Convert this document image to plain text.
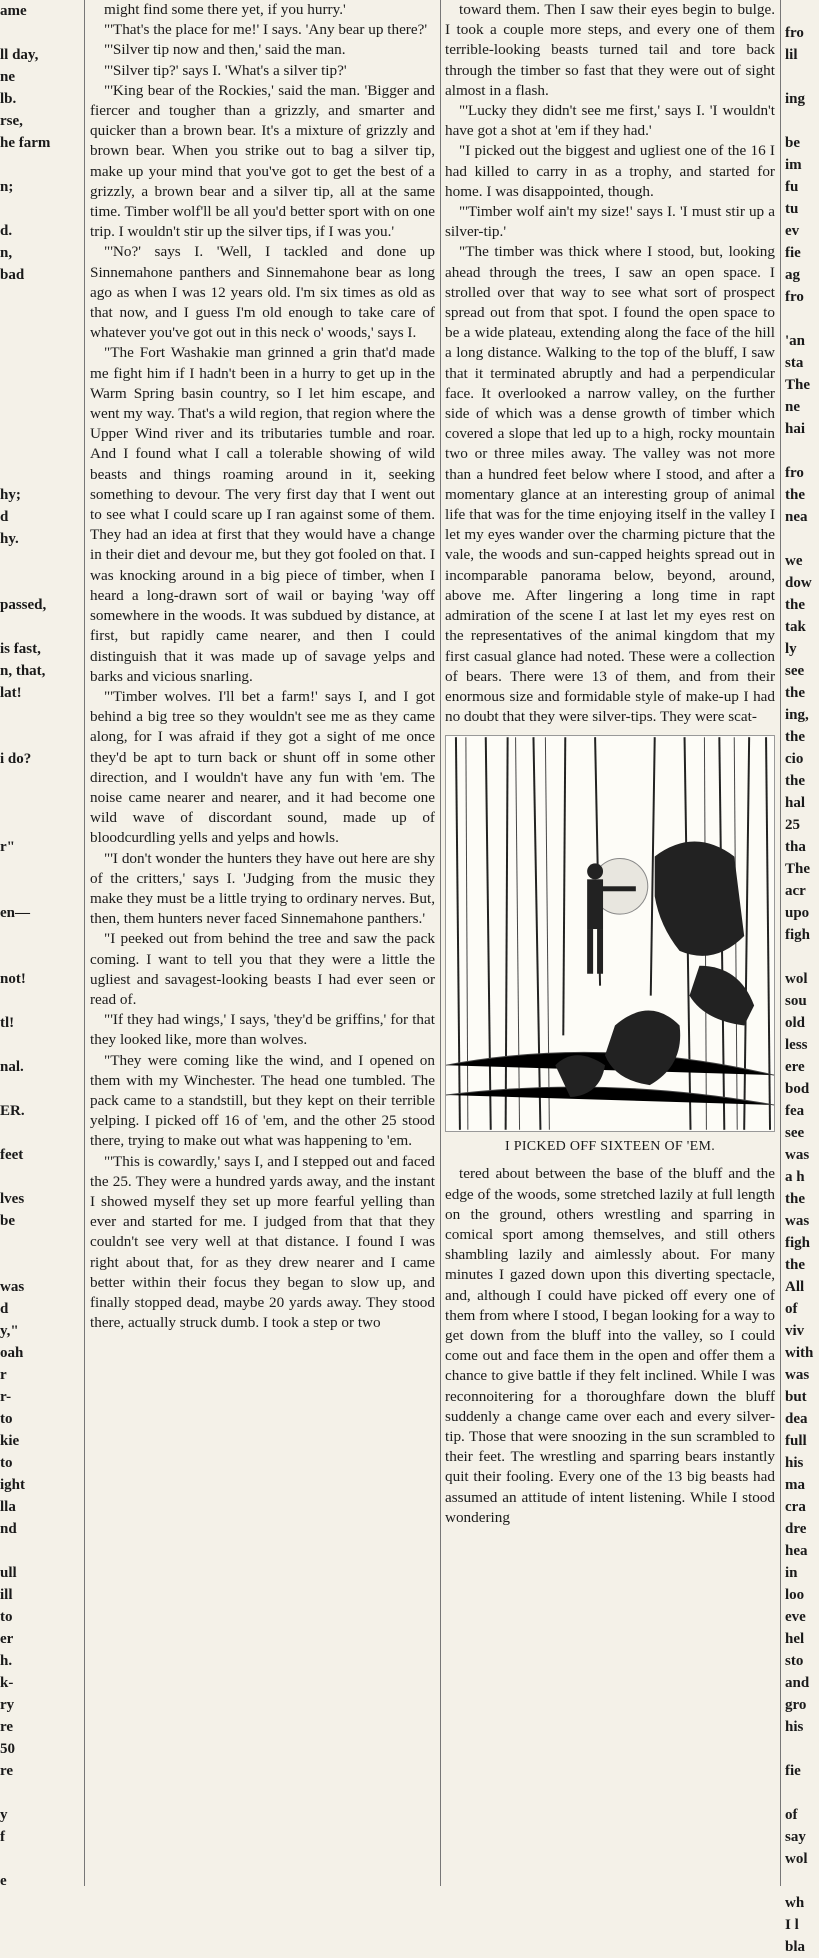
ame

ll day,
ne
lb.
rse,
he farm

n;

d.
n,
bad

hy;
d
hy.

passed,

is fast,
n, that,
lat!

i do?

r"

en—

not!

tl!

nal.

ER.

feet

lves
be

was
d
y,"
oah
r
r-
to
kie
to
ight
lla
nd

ull
ill
to
er
h.
k-
ry
re
50
re

y
f

e

might find some there yet, if you hurry.'

"'That's the place for me!' I says. 'Any bear up there?'

"'Silver tip now and then,' said the man.

"'Silver tip?' says I. 'What's a silver tip?'

"'King bear of the Rockies,' said the man. 'Bigger and fiercer and tougher than a grizzly, and smarter and quicker than a brown bear. It's a mixture of grizzly and brown bear. When you strike out to bag a silver tip, make up your mind that you've got to get the best of a grizzly, a brown bear and a silver tip, all at the same time. Timber wolf'll be all you'd better sport with on one trip. I wouldn't stir up the silver tips, if I was you.'

"'No?' says I. 'Well, I tackled and done up Sinnemahone panthers and Sinnemahone bear as long ago as when I was 12 years old. I'm six times as old as that now, and I guess I'm old enough to take care of whatever you've got out in this neck o' woods,' says I.

"The Fort Washakie man grinned a grin that'd made me fight him if I hadn't been in a hurry to get up in the Warm Spring basin country, so I let him escape, and went my way. That's a wild region, that region where the Upper Wind river and its tributaries tumble and roar. And I found what I call a tolerable showing of wild beasts and things roaming around in it, seeking something to devour. The very first day that I went out to see what I could scare up I ran against some of them. They had an idea at first that they would have a change in their diet and devour me, but they got fooled on that. I was knocking around in a big piece of timber, when I heard a long-drawn sort of wail or baying 'way off somewhere in the woods. It was subdued by distance, at first, but rapidly came nearer, and then I could distinguish that it was made up of savage yelps and barks and vicious snarling.

"'Timber wolves. I'll bet a farm!' says I, and I got behind a big tree so they wouldn't see me as they came along, for I was afraid if they got a sight of me once they'd be apt to turn back or shunt off in some other direction, and I wouldn't have any fun with 'em. The noise came nearer and nearer, and it had become one wild wave of discordant sound, made up of bloodcurdling yells and yelps and howls.

"'I don't wonder the hunters they have out here are shy of the critters,' says I. 'Judging from the music they make they must be a little trying to ordinary nerves. But, then, them hunters never faced Sinnemahone panthers.'

"I peeked out from behind the tree and saw the pack coming. I want to tell you that they were a little the ugliest and savagest-looking beasts I had ever seen or read of.

"'If they had wings,' I says, 'they'd be griffins,' for that they looked like, more than wolves.

"They were coming like the wind, and I opened on them with my Winchester. The head one tumbled. The pack came to a standstill, but they kept on their terrible yelping. I picked off 16 of 'em, and the other 25 stood there, trying to make out what was happening to 'em.

"'This is cowardly,' says I, and I stepped out and faced the 25. They were a hundred yards away, and the instant I showed myself they set up more fearful yelling than ever and started for me. I judged from that that they couldn't see very well at that distance. I found I was right about that, for as they drew nearer and I came better within their focus they began to slow up, and finally stopped dead, maybe 20 yards away. They stood there, actually struck dumb. I took a step or two

toward them. Then I saw their eyes begin to bulge. I took a couple more steps, and every one of them terrible-looking beasts turned tail and tore back through the timber so fast that they were out of sight almost in a flash.

"'Lucky they didn't see me first,' says I. 'I wouldn't have got a shot at 'em if they had.'

"I picked out the biggest and ugliest one of the 16 I had killed to carry in as a trophy, and started for home. I was disappointed, though.

"'Timber wolf ain't my size!' says I. 'I must stir up a silver-tip.'

"The timber was thick where I stood, but, looking ahead through the trees, I saw an open space. I strolled over that way to see what sort of prospect spread out from that spot. I found the open space to be a wide plateau, extending along the face of the hill a long distance. Walking to the top of the bluff, I saw that it terminated abruptly and had a perpendicular face. It overlooked a narrow valley, on the further side of which was a dense growth of timber which covered a slope that led up to a high, rocky mountain two or three miles away. The valley was not more than a hundred feet below where I stood, and after a momentary glance at an interesting group of animal life that was for the time enjoying itself in the valley I let my eyes wander over the charming picture that the vale, the woods and sun-capped heights spread out in incomparable panorama below, beyond, around, above me. After lingering a long time in rapt admiration of the scene I at last let my eyes rest on the representatives of the animal kingdom that my first casual glance had noted. These were a collection of bears. There were 13 of them, and from their enormous size and formidable style of make-up I had no doubt that they were silver-tips. They were scat-

I PICKED OFF SIXTEEN OF 'EM.

tered about between the base of the bluff and the edge of the woods, some stretched lazily at full length on the ground, others wrestling and sparring in comical sport among themselves, and still others shambling lazily and aimlessly about. For many minutes I gazed down upon this diverting spectacle, and, although I could have picked off every one of them from where I stood, I began looking for a way to get down from the bluff into the valley, so I could come out and face them in the open and offer them a chance to give battle if they felt inclined. While I was reconnoitering for a thoroughfare down the bluff suddenly a change came over each and every silver-tip. Those that were snoozing in the sun scrambled to their feet. The wrestling and sparring bears instantly quit their fooling. Every one of the 13 big beasts had assumed an attitude of intent listening. While I stood wondering

fro
lil

ing

be
im
fu
tu
ev
fie
ag
fro

'an
sta
The
ne
hai

fro
the
nea

we
dow
the
tak
ly
see
the
ing,
the
cio
the
hal
25
tha
The
acr
upo
figh

wol
sou
old
less
ere
bod
fea
see
was
a h
the
was
figh
the
All
of
viv
with
was
but
dea
full
his
ma
cra
dre
hea
in
loo
eve
hel
sto
and
gro
his

fie

of
say
wol

wh
I l
bla
